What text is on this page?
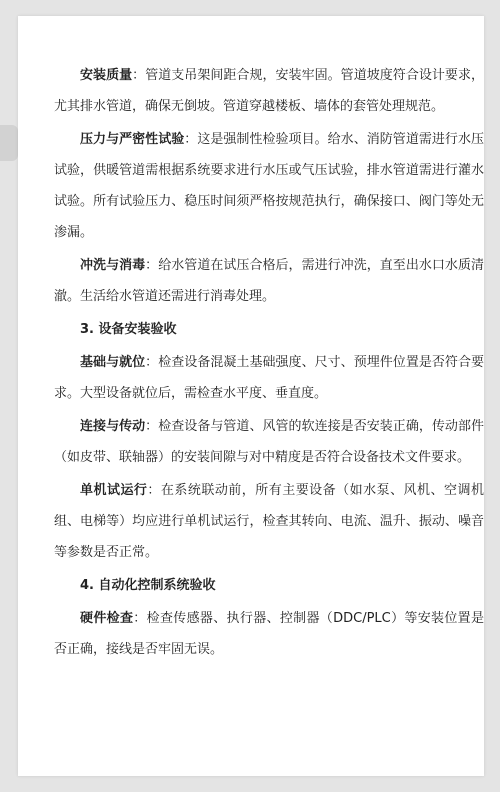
安装质量：管道支吊架间距合规，安装牢固。管道坡度符合设计要求，尤其排水管道，确保无倒坡。管道穿越楼板、墙体的套管处理规范。

压力与严密性试验：这是强制性检验项目。给水、消防管道需进行水压试验，供暖管道需根据系统要求进行水压或气压试验，排水管道需进行灌水试验。所有试验压力、稳压时间须严格按规范执行，确保接口、阀门等处无渗漏。

冲洗与消毒：给水管道在试压合格后，需进行冲洗，直至出水口水质清澈。生活给水管道还需进行消毒处理。

3. 设备安装验收

基础与就位：检查设备混凝土基础强度、尺寸、预埋件位置是否符合要求。大型设备就位后，需检查水平度、垂直度。

连接与传动：检查设备与管道、风管的软连接是否安装正确，传动部件（如皮带、联轴器）的安装间隙与对中精度是否符合设备技术文件要求。

单机试运行：在系统联动前，所有主要设备（如水泵、风机、空调机组、电梯等）均应进行单机试运行，检查其转向、电流、温升、振动、噪音等参数是否正常。

4. 自动化控制系统验收

硬件检查：检查传感器、执行器、控制器（DDC/PLC）等安装位置是否正确，接线是否牢固无误。
